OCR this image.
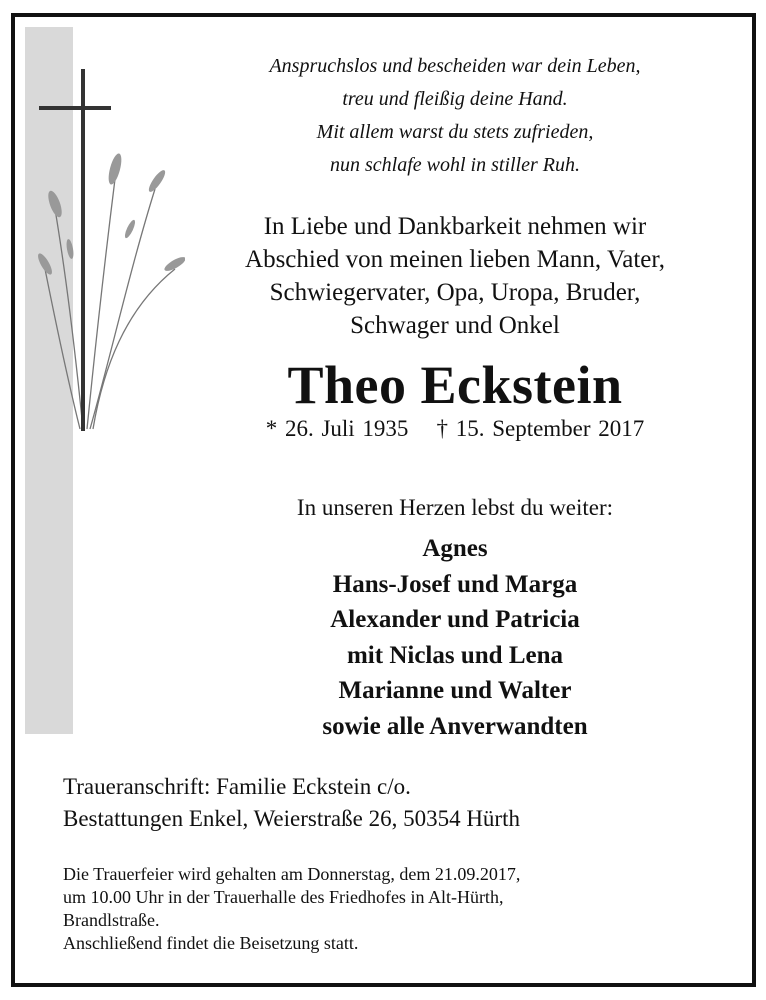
Anspruchslos und bescheiden war dein Leben,
treu und fleißig deine Hand.
Mit allem warst du stets zufrieden,
nun schlafe wohl in stiller Ruh.
In Liebe und Dankbarkeit nehmen wir
Abschied von meinen lieben Mann, Vater,
Schwiegervater, Opa, Uropa, Bruder,
Schwager und Onkel
Theo Eckstein
* 26. Juli 1935 † 15. September 2017
In unseren Herzen lebst du weiter:
Agnes
Hans-Josef und Marga
Alexander und Patricia
mit Niclas und Lena
Marianne und Walter
sowie alle Anverwandten
Traueranschrift: Familie Eckstein c/o.
Bestattungen Enkel, Weierstraße 26, 50354 Hürth
Die Trauerfeier wird gehalten am Donnerstag, dem 21.09.2017,
um 10.00 Uhr in der Trauerhalle des Friedhofes in Alt-Hürth,
Brandlstraße.
Anschließend findet die Beisetzung statt.
